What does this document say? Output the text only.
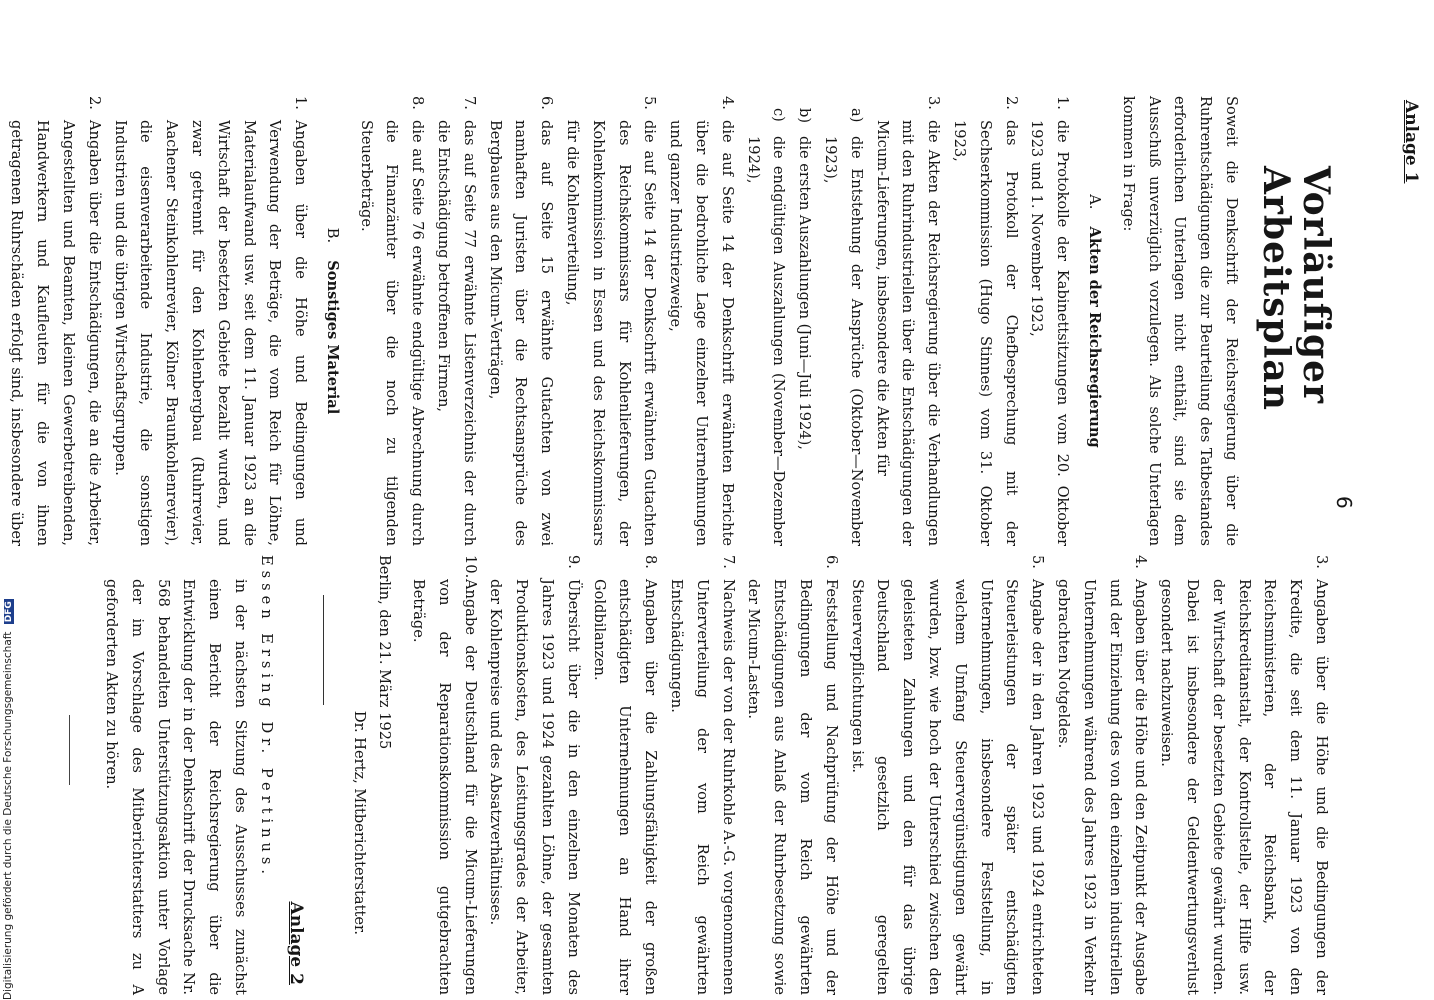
Anlage 1
6
Vorläufiger Arbeitsplan

Soweit die Denkschrift der Reichsregierung über die Ruhrentschädigungen die zur Beurteilung des Tatbestandes erforderlichen Unterlagen nicht enthält, sind sie dem Ausschuß unverzüglich vorzulegen. Als solche Unterlagen kommen in Frage:

A. Akten der Reichsregierung
1.
die Protokolle der Kabinettsitzungen vom 20. Oktober 1923 und 1. November 1923,
2.
das Protokoll der Chefbesprechung mit der Sechserkommission (Hugo Stinnes) vom 31. Oktober 1923,
3.
die Akten der Reichsregierung über die Verhandlungen mit den Ruhrindustriellen über die Entschädigungen der Micum-Lieferungen, insbesondere die Akten für
a)
die Entstehung der Ansprüche (Oktober—November 1923),
b)
die ersten Auszahlungen (Juni—Juli 1924),
c)
die endgültigen Auszahlungen (November—Dezember 1924),
4.
die auf Seite 14 der Denkschrift erwähnten Berichte über die bedrohliche Lage einzelner Unternehmungen und ganzer Industriezweige,
5.
die auf Seite 14 der Denkschrift erwähnten Gutachten des Reichskommissars für Kohlenlieferungen, der Kohlenkommission in Essen und des Reichskommissars für die Kohlenverteilung,
6.
das auf Seite 15 erwähnte Gutachten von zwei namhaften Juristen über die Rechtsansprüche des Bergbaues aus den Micum-Verträgen,
7.
das auf Seite 77 erwähnte Listenverzeichnis der durch die Entschädigung betroffenen Firmen,
8.
die auf Seite 76 erwähnte endgültige Abrechnung durch die Finanzämter über die noch zu tilgenden Steuerbeträge.
B. Sonstiges Material
1.
Angaben über die Höhe und Bedingungen und Verwendung der Beträge, die vom Reich für Löhne, Materialaufwand usw. seit dem 11. Januar 1923 an die Wirtschaft der besetzten Gebiete bezahlt wurden, und zwar getrennt für den Kohlenbergbau (Ruhrrevier, Aachener Steinkohlenrevier, Kölner Braunkohlenrevier), die eisenverarbeitende Industrie, die sonstigen Industrien und die übrigen Wirtschaftsgruppen.
2.
Angaben über die Entschädigungen, die an die Arbeiter, Angestellten und Beamten, kleinen Gewerbetreibenden, Handwerkern und Kaufleuten für die von ihnen getragenen Ruhrschäden erfolgt sind, insbesondere über
3.
Angaben über die Höhe und die Bedingungen der Kredite, die seit dem 11. Januar 1923 von den Reichsministerien, der Reichsbank, der Reichskreditanstalt, der Kontrollstelle, der Hilfe usw. der Wirtschaft der besetzten Gebiete gewährt wurden. Dabei ist insbesondere der Geldentwertungsverlust gesondert nachzuweisen.
4.
Angaben über die Höhe und den Zeitpunkt der Ausgabe und der Einziehung des von den einzelnen industriellen Unternehmungen während des Jahres 1923 in Verkehr gebrachten Notgeldes.
5.
Angabe der in den Jahren 1923 und 1924 entrichteten Steuerleistungen der später entschädigten Unternehmungen, insbesondere Feststellung, in welchem Umfang Steuervergünstigungen gewährt wurden, bzw. wie hoch der Unterschied zwischen den geleisteten Zahlungen und den für das übrige Deutschland gesetzlich geregelten Steuerverpflichtungen ist.
6.
Feststellung und Nachprüfung der Höhe und der Bedingungen der vom Reich gewährten Entschädigungen aus Anlaß der Ruhrbesetzung sowie der Micum-Lasten.
7.
Nachweis der von der Ruhrkohle A.-G. vorgenommenen Unterverteilung der vom Reich gewährten Entschädigungen.
8.
Angaben über die Zahlungsfähigkeit der großen entschädigten Unternehmungen an Hand ihrer Goldbilanzen.
9.
Übersicht über die in den einzelnen Monaten des Jahres 1923 und 1924 gezahlten Löhne, der gesamten Produktionskosten, des Leistungsgrades der Arbeiter, der Kohlenpreise und des Absatzverhältnisses.
10.
Angabe der Deutschland für die Micum-Lieferungen von der Reparationskommission gutgebrachten Beträge.

Berlin, den 21. März 1925

Dr. Hertz, Mitberichterstatter.

Anlage 2

Essen Ersing Dr. Pertinus.

in der nächsten Sitzung des Ausschusses zunächst einen Bericht der Reichsregierung über die Entwicklung der in der Denkschrift der Drucksache Nr. 568 behandelten Unterstützungsaktion unter Vorlage der im Vorschlage des Mitberichterstatters zu A geforderten Akten zu hören.

Digitalisierung gefördert durch die Deutsche Forschungsgemeinschaft DFG
